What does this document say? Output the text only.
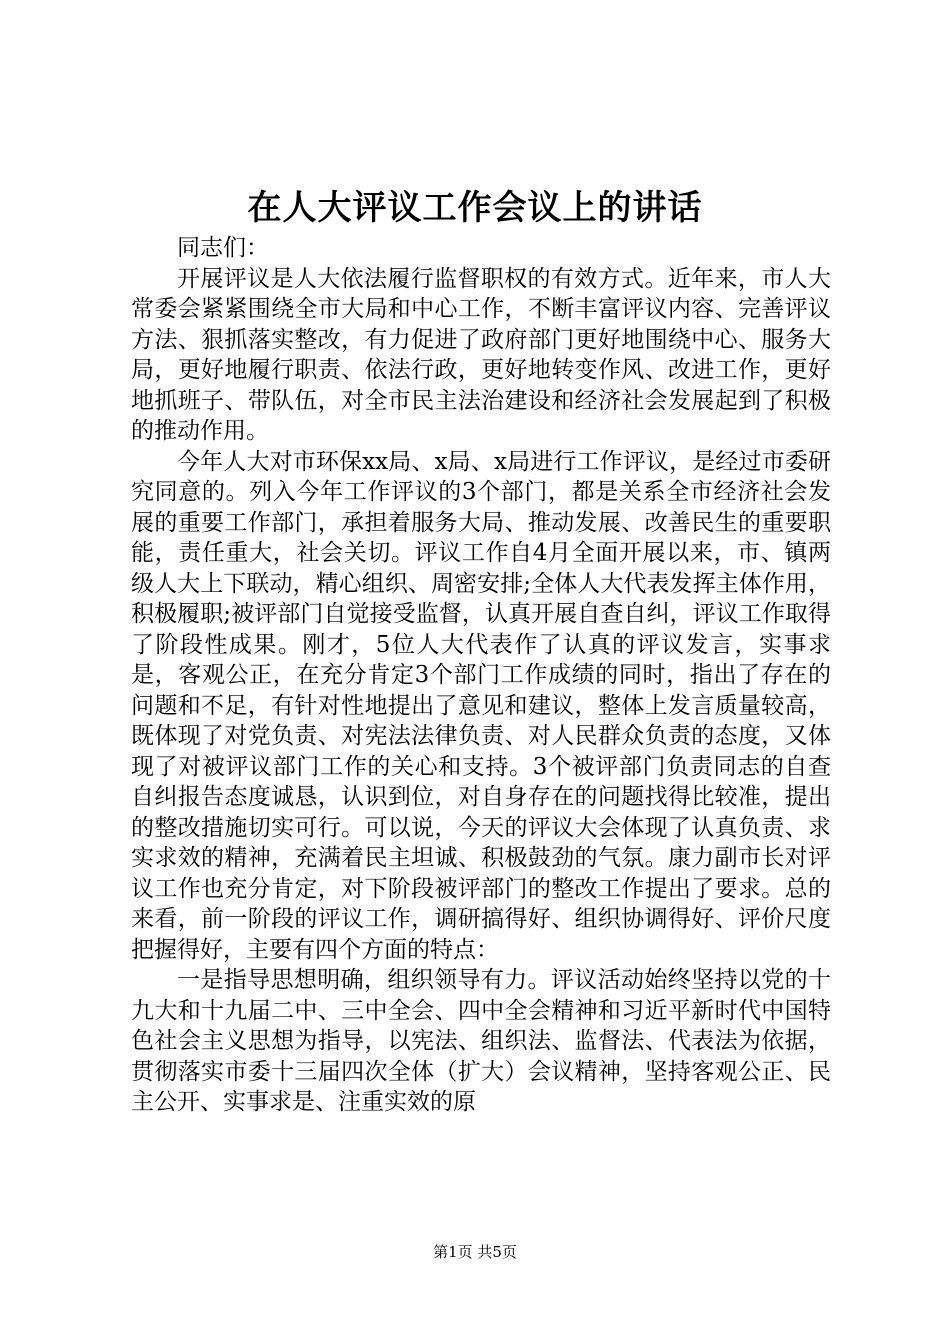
在人大评议工作会议上的讲话

同志们：

开展评议是人大依法履行监督职权的有效方式。近年来，市人大常委会紧紧围绕全市大局和中心工作，不断丰富评议内容、完善评议方法、狠抓落实整改，有力促进了政府部门更好地围绕中心、服务大局，更好地履行职责、依法行政，更好地转变作风、改进工作，更好地抓班子、带队伍，对全市民主法治建设和经济社会发展起到了积极的推动作用。

今年人大对市环保xx局、x局、x局进行工作评议，是经过市委研究同意的。列入今年工作评议的3个部门，都是关系全市经济社会发展的重要工作部门，承担着服务大局、推动发展、改善民生的重要职能，责任重大，社会关切。评议工作自4月全面开展以来，市、镇两级人大上下联动，精心组织、周密安排;全体人大代表发挥主体作用，积极履职;被评部门自觉接受监督，认真开展自查自纠，评议工作取得了阶段性成果。刚才，5位人大代表作了认真的评议发言，实事求是，客观公正，在充分肯定3个部门工作成绩的同时，指出了存在的问题和不足，有针对性地提出了意见和建议，整体上发言质量较高，既体现了对党负责、对宪法法律负责、对人民群众负责的态度，又体现了对被评议部门工作的关心和支持。3个被评部门负责同志的自查自纠报告态度诚恳，认识到位，对自身存在的问题找得比较准，提出的整改措施切实可行。可以说，今天的评议大会体现了认真负责、求实求效的精神，充满着民主坦诚、积极鼓劲的气氛。康力副市长对评议工作也充分肯定，对下阶段被评部门的整改工作提出了要求。总的来看，前一阶段的评议工作，调研搞得好、组织协调得好、评价尺度把握得好，主要有四个方面的特点：

一是指导思想明确，组织领导有力。评议活动始终坚持以党的十九大和十九届二中、三中全会、四中全会精神和习近平新时代中国特色社会主义思想为指导，以宪法、组织法、监督法、代表法为依据，贯彻落实市委十三届四次全体（扩大）会议精神，坚持客观公正、民主公开、实事求是、注重实效的原

第1页 共5页
